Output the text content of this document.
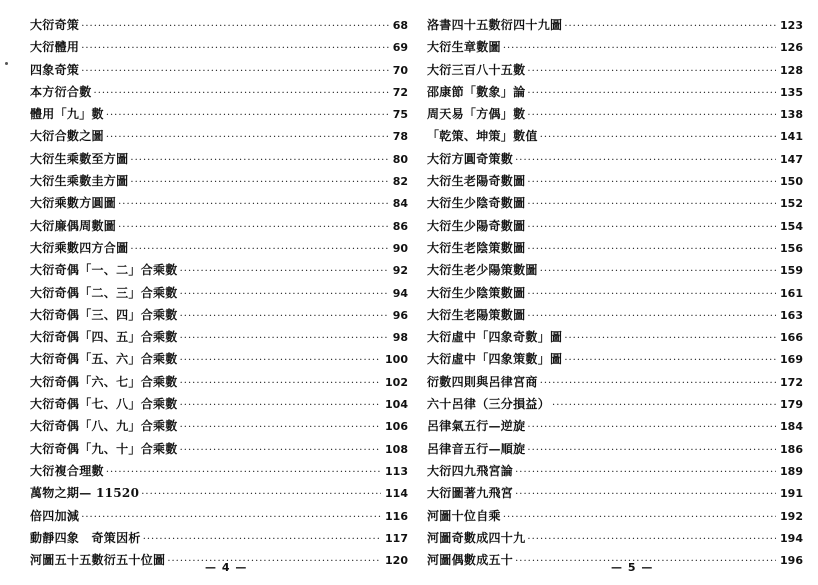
大衍奇策 ·····	68
大衍體用 ·····	69
四象奇策 ·····	70
本方衍合數 ·····	72
體用「九」數 ·····	75
大衍合數之圖 ·····	78
大衍生乘數至方圖 ·····	80
大衍生乘數圭方圖 ·····	82
大衍乘數方圓圖 ·····	84
大衍廉偶周數圖 ·····	86
大衍乘數四方合圖 ·····	90
大衍奇偶「一、二」合乘數 ·····	92
大衍奇偶「二、三」合乘數 ·····	94
大衍奇偶「三、四」合乘數 ·····	96
大衍奇偶「四、五」合乘數 ·····	98
大衍奇偶「五、六」合乘數 ·····	100
大衍奇偶「六、七」合乘數 ·····	102
大衍奇偶「七、八」合乘數 ·····	104
大衍奇偶「八、九」合乘數 ·····	106
大衍奇偶「九、十」合乘數 ·····	108
大衍複合理數 ·····	113
萬物之期— 11520 ·····	114
倍四加減 ·····	116
動靜四象　奇策因析 ·····	117
河圖五十五數衍五十位圖 ·····	120
— 4 —
洛書四十五數衍四十九圖 ·····	123
大衍生章數圖 ·····	126
大衍三百八十五數 ·····	128
邵康節「數象」論 ·····	135
周天易「方偶」數 ·····	138
「乾策、坤策」數值 ·····	141
大衍方圓奇策數 ·····	147
大衍生老陽奇數圖 ·····	150
大衍生少陰奇數圖 ·····	152
大衍生少陽奇數圖 ·····	154
大衍生老陰策數圖 ·····	156
大衍生老少陽策數圖 ·····	159
大衍生少陰策數圖 ·····	161
大衍生老陽策數圖 ·····	163
大衍虛中「四象奇數」圖 ·····	166
大衍虛中「四象策數」圖 ·····	169
衍數四則與呂律宮商 ·····	172
六十呂律（三分損益） ·····	179
呂律氣五行—逆旋 ·····	184
呂律音五行—順旋 ·····	186
大衍四九飛宮論 ·····	189
大衍圖著九飛宮 ·····	191
河圖十位自乘 ·····	192
河圖奇數成四十九 ·····	194
河圖偶數成五十 ·····	196
— 5 —
